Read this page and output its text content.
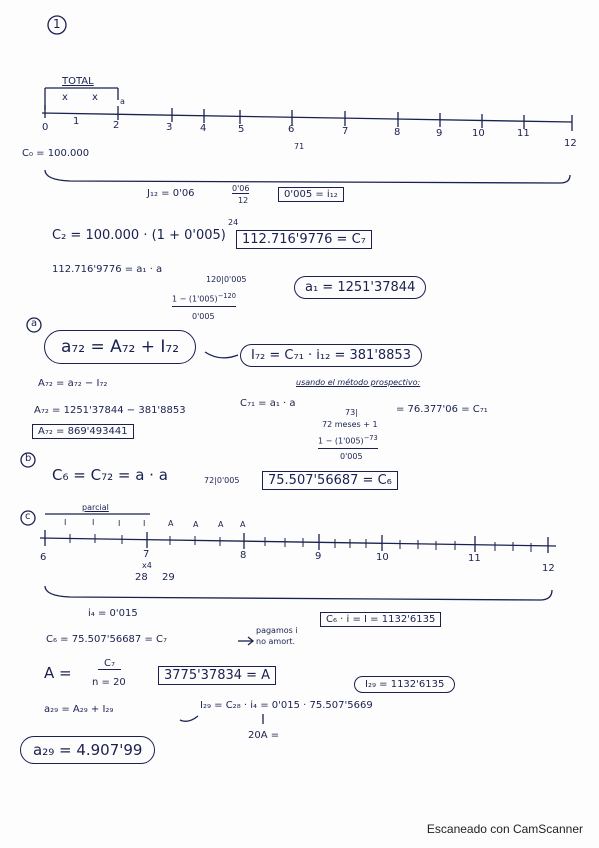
1
TOTAL
x x	a
0
1	2	3	4	5	6	7	8	9	10	11
12
71
C₀ = 100.000
J₁₂ = 0'06	0'06
12
0'005 = i₁₂
C₂ = 100.000 · (1 + 0'005)
24
112.716'9776 = C₇
112.716'9776 = a₁ · a
120|0'005
$1 - (1'005)^{-120}$
0'005
a₁ = 1251'37844
a
a₇₂ = A₇₂ + I₇₂	I₇₂ = C₇₁ · i₁₂ = 381'8853
usando el método prospectivo:
A₇₂ = a₇₂ − I₇₂
C₇₁ = a₁ · a
73|	= 76.377'06 = C₇₁
72 meses + 1
$1 - (1'005)^{-73}$
0'005
A₇₂ = 1251'37844 − 381'8853
A₇₂ = 869'493441
b
C₆ = C₇₂ = a · a	72|0'005	75.507'56687 = C₆
c
parcial
I	I	I	I	A A A A
6	7	8	9	10	11
12
x4
28 29
i₄ = 0'015
C₆ · i = I = 1132'6135
C₆ = 75.507'56687 = C₇
pagamos i
no amort.
A =
C₇
n = 20	3775'37834 = A
I₂₉ = 1132'6135
a₂₉ = A₂₉ + I₂₉	I₂₉ = C₂₈ · i₄ = 0'015 · 75.507'5669
20A =
a₂₉ = 4.907'99
Escaneado con CamScanner
